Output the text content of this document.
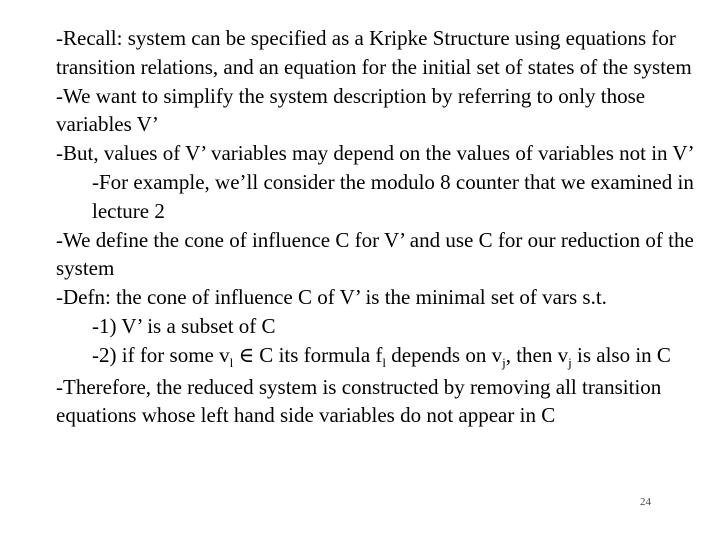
-Recall: system can be specified as a Kripke Structure using equations for transition relations, and an equation for the initial set of states of the system

-We want to simplify the system description by referring to only those variables V’

-But, values of V’ variables may depend on the values of variables not in V’

-For example, we’ll consider the modulo 8 counter that we examined in lecture 2

-We define the cone of influence C for V’ and use C for our reduction of the system

-Defn: the cone of influence C of V’ is the minimal set of vars s.t.

-1) V’ is a subset of C

-2) if for some $v_l$ ∈ C its formula $f_l$ depends on $v_j$, then $v_j$ is also in C

-Therefore, the reduced system is constructed by removing all transition equations whose left hand side variables do not appear in C

24
